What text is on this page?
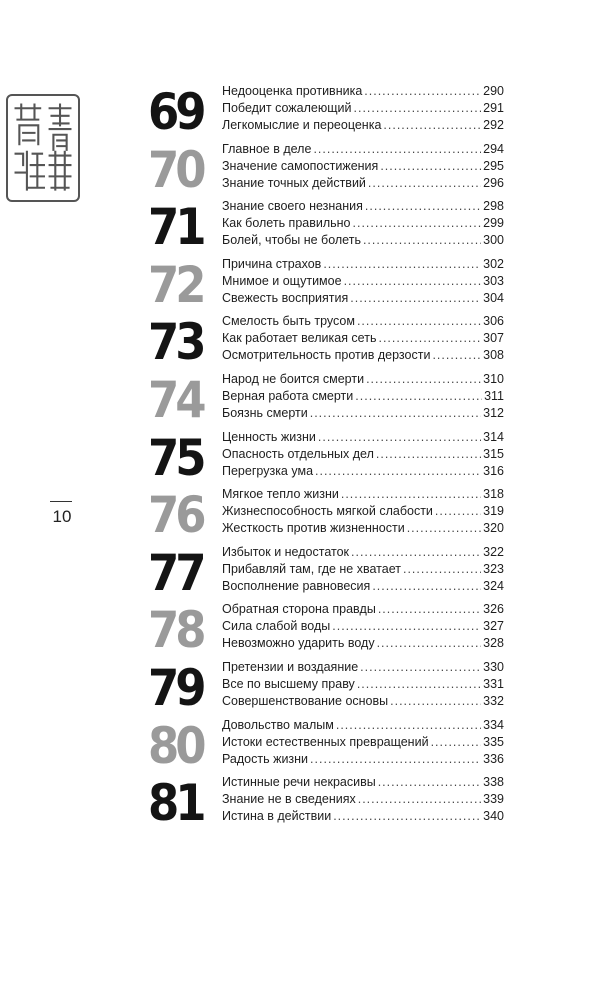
10
69	Недооценка противника .....	290
Победит сожалеющий .....	291
Легкомыслие и переоценка .....	292
70	Главное в деле .....	294
Значение самопостижения .....	295
Знание точных действий .....	296
71	Знание своего незнания .....	298
Как болеть правильно .....	299
Болей, чтобы не болеть .....	300
72	Причина страхов .....	302
Мнимое и ощутимое .....	303
Свежесть восприятия .....	304
73	Смелость быть трусом .....	306
Как работает великая сеть .....	307
Осмотрительность против дерзости .....	308
74	Народ не боится смерти .....	310
Верная работа смерти .....	311
Боязнь смерти .....	312
75	Ценность жизни .....	314
Опасность отдельных дел .....	315
Перегрузка ума .....	316
76	Мягкое тепло жизни .....	318
Жизнеспособность мягкой слабости .....	319
Жесткость против жизненности .....	320
77	Избыток и недостаток .....	322
Прибавляй там, где не хватает .....	323
Восполнение равновесия .....	324
78	Обратная сторона правды .....	326
Сила слабой воды .....	327
Невозможно ударить воду .....	328
79	Претензии и воздаяние .....	330
Все по высшему праву .....	331
Совершенствование основы .....	332
80	Довольство малым .....	334
Истоки естественных превращений .....	335
Радость жизни .....	336
81	Истинные речи некрасивы .....	338
Знание не в сведениях .....	339
Истина в действии .....	340
